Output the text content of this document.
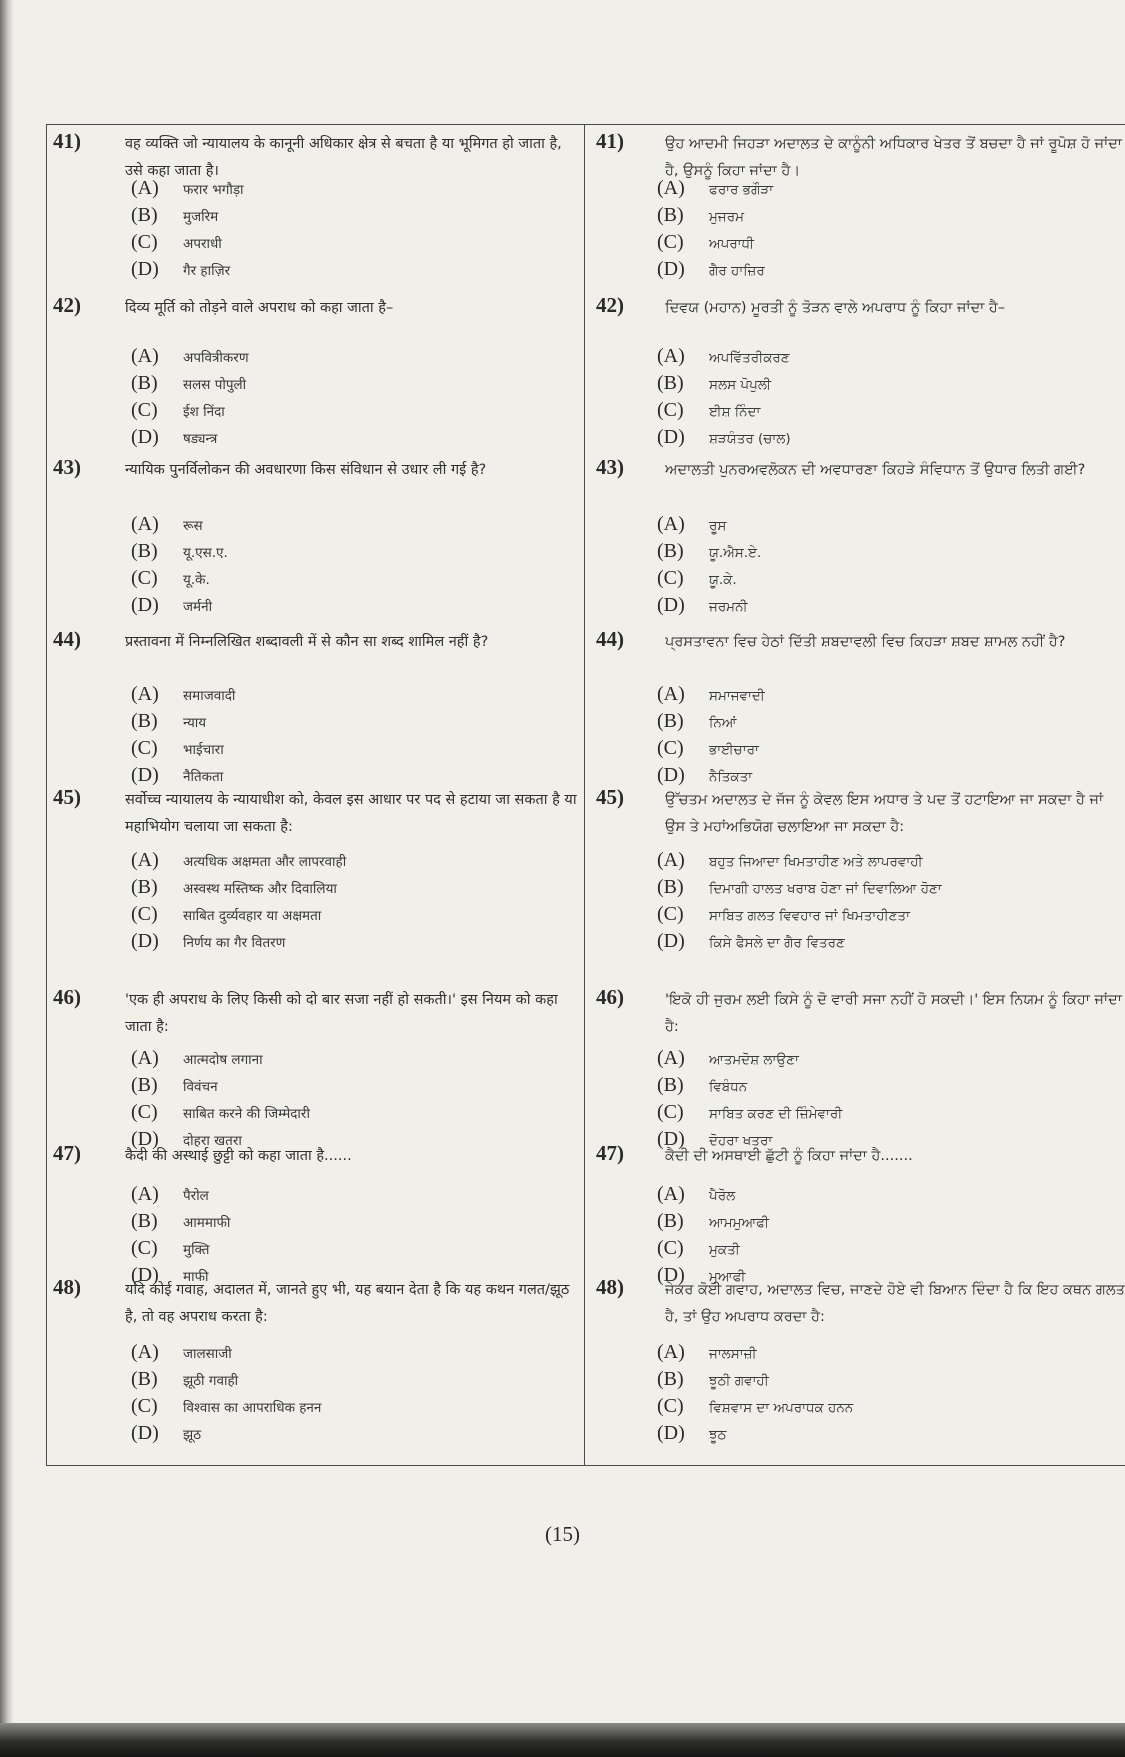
41)	वह व्यक्ति जो न्यायालय के कानूनी अधिकार क्षेत्र से बचता है या भूमिगत हो जाता है, उसे कहा जाता है।
(A) फरार भगौड़ा
(B) मुजरिम
(C) अपराधी
(D) गैर हाज़िर
42)	दिव्य मूर्ति को तोड़ने वाले अपराध को कहा जाता है–
(A) अपवित्रीकरण
(B) सलस पोपुली
(C) ईश निंदा
(D) षड्यन्त्र
43)	न्यायिक पुनर्विलोकन की अवधारणा किस संविधान से उधार ली गई है?
(A) रूस
(B) यू.एस.ए.
(C) यू.के.
(D) जर्मनी
44)	प्रस्तावना में निम्नलिखित शब्दावली में से कौन सा शब्द शामिल नहीं है?
(A) समाजवादी
(B) न्याय
(C) भाईचारा
(D) नैतिकता
45)	सर्वोच्च न्यायालय के न्यायाधीश को, केवल इस आधार पर पद से हटाया जा सकता है या महाभियोग चलाया जा सकता है:
(A) अत्यधिक अक्षमता और लापरवाही
(B) अस्वस्थ मस्तिष्क और दिवालिया
(C) साबित दुर्व्यवहार या अक्षमता
(D) निर्णय का गैर वितरण
46)	'एक ही अपराध के लिए किसी को दो बार सजा नहीं हो सकती।' इस नियम को कहा जाता है:
(A) आत्मदोष लगाना
(B) विवंचन
(C) साबित करने की जिम्मेदारी
(D) दोहरा खतरा
47)	कैदी की अस्थाई छुट्टी को कहा जाता है......
(A) पैरोल
(B) आममाफी
(C) मुक्ति
(D) माफी
48)	यदि कोई गवाह, अदालत में, जानते हुए भी, यह बयान देता है कि यह कथन गलत/झूठ है, तो वह अपराध करता है:
(A) जालसाजी
(B) झूठी गवाही
(C) विश्वास का आपराधिक हनन
(D) झूठ
41)	ਉਹ ਆਦਮੀ ਜਿਹੜਾ ਅਦਾਲਤ ਦੇ ਕਾਨੂੰਨੀ ਅਧਿਕਾਰ ਖੇਤਰ ਤੋਂ ਬਚਦਾ ਹੈ ਜਾਂ ਰੂਪੋਸ਼ ਹੋ ਜਾਂਦਾ ਹੈ, ਉਸਨੂੰ ਕਿਹਾ ਜਾਂਦਾ ਹੈ।
(A) ਫਰਾਰ ਭਗੌੜਾ
(B) ਮੁਜਰਮ
(C) ਅਪਰਾਧੀ
(D) ਗੈਰ ਹਾਜ਼ਿਰ
42)	ਦਿਵਯ (ਮਹਾਨ) ਮੂਰਤੀ ਨੂੰ ਤੋੜਨ ਵਾਲੇ ਅਪਰਾਧ ਨੂੰ ਕਿਹਾ ਜਾਂਦਾ ਹੈ–
(A) ਅਪਵਿੱਤਰੀਕਰਣ
(B) ਸਲਸ ਪੋਪੁਲੀ
(C) ਈਸ਼ ਨਿੰਦਾ
(D) ਸ਼ੜਯੰਤਰ (ਚਾਲ)
43)	ਅਦਾਲਤੀ ਪੁਨਰਅਵਲੋਕਨ ਦੀ ਅਵਧਾਰਣਾ ਕਿਹੜੇ ਸੰਵਿਧਾਨ ਤੋਂ ਉਧਾਰ ਲਿਤੀ ਗਈ?
(A) ਰੂਸ
(B) ਯੂ.ਐਸ.ਏ.
(C) ਯੂ.ਕੇ.
(D) ਜਰਮਨੀ
44)	ਪ੍ਰਸਤਾਵਨਾ ਵਿਚ ਹੇਠਾਂ ਦਿੱਤੀ ਸ਼ਬਦਾਵਲੀ ਵਿਚ ਕਿਹੜਾ ਸ਼ਬਦ ਸ਼ਾਮਲ ਨਹੀਂ ਹੈ?
(A) ਸਮਾਜਵਾਦੀ
(B) ਨਿਆਂ
(C) ਭਾਈਚਾਰਾ
(D) ਨੈਤਿਕਤਾ
45)	ਉੱਚਤਮ ਅਦਾਲਤ ਦੇ ਜੱਜ ਨੂੰ ਕੇਵਲ ਇਸ ਅਧਾਰ ਤੇ ਪਦ ਤੋਂ ਹਟਾਇਆ ਜਾ ਸਕਦਾ ਹੈ ਜਾਂ ਉਸ ਤੇ ਮਹਾਂਅਭਿਯੋਗ ਚਲਾਇਆ ਜਾ ਸਕਦਾ ਹੈ:
(A) ਬਹੁਤ ਜਿਆਦਾ ਖਿਮਤਾਹੀਣ ਅਤੇ ਲਾਪਰਵਾਹੀ
(B) ਦਿਮਾਗੀ ਹਾਲਤ ਖਰਾਬ ਹੋਣਾ ਜਾਂ ਦਿਵਾਲਿਆ ਹੋਣਾ
(C) ਸਾਬਿਤ ਗਲਤ ਵਿਵਹਾਰ ਜਾਂ ਖਿਮਤਾਹੀਣਤਾ
(D) ਕਿਸੇ ਫੈਸਲੇ ਦਾ ਗੈਰ ਵਿਤਰਣ
46)	'ਇਕੋ ਹੀ ਜੁਰਮ ਲਈ ਕਿਸੇ ਨੂੰ ਦੋ ਵਾਰੀ ਸਜਾ ਨਹੀਂ ਹੋ ਸਕਦੀ।' ਇਸ ਨਿਯਮ ਨੂੰ ਕਿਹਾ ਜਾਂਦਾ ਹੈ:
(A) ਆਤਮਦੋਸ਼ ਲਾਉਣਾ
(B) ਵਿਬੰਧਨ
(C) ਸਾਬਿਤ ਕਰਣ ਦੀ ਜ਼ਿੰਮੇਵਾਰੀ
(D) ਦੋਹਰਾ ਖਤਰਾ
47)	ਕੈਦੀ ਦੀ ਅਸਥਾਈ ਛੁੱਟੀ ਨੂੰ ਕਿਹਾ ਜਾਂਦਾ ਹੈ.......
(A) ਪੈਰੋਲ
(B) ਆਮਮੁਆਫੀ
(C) ਮੁਕਤੀ
(D) ਮੁਆਫੀ
48)	ਜੇਕਰ ਕੋਈ ਗਵਾਹ, ਅਦਾਲਤ ਵਿਚ, ਜਾਣਦੇ ਹੋਏ ਵੀ ਬਿਆਨ ਦਿੰਦਾ ਹੈ ਕਿ ਇਹ ਕਥਨ ਗਲਤ ਹੈ, ਤਾਂ ਉਹ ਅਪਰਾਧ ਕਰਦਾ ਹੈ:
(A) ਜਾਲਸਾਜ਼ੀ
(B) ਝੂਠੀ ਗਵਾਹੀ
(C) ਵਿਸ਼ਵਾਸ ਦਾ ਅਪਰਾਧਕ ਹਨਨ
(D) ਝੂਠ
(15)
